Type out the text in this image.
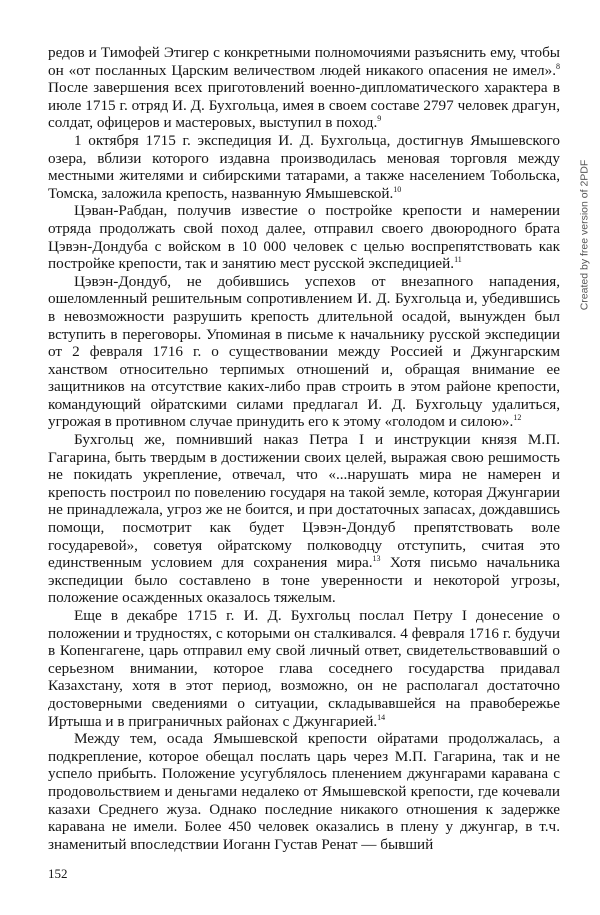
редов и Тимофей Этигер с конкретными полномочиями разъяснить ему, чтобы он «от посланных Царским величеством людей никакого опасения не имел».$^8$ После завершения всех приготовлений военно-дипломатического характера в июле 1715 г. отряд И. Д. Бухгольца, имея в своем составе 2797 человек драгун, солдат, офицеров и мастеровых, выступил в поход.$^9$

1 октября 1715 г. экспедиция И. Д. Бухгольца, достигнув Ямышевского озера, вблизи которого издавна производилась меновая торговля между местными жителями и сибирскими татарами, а также населением Тобольска, Томска, заложила крепость, названную Ямышевской.$^{10}$

Цэван-Рабдан, получив известие о постройке крепости и намерении отряда продолжать свой поход далее, отправил своего двоюродного брата Цэвэн-Дондуба с войском в 10 000 человек с целью воспрепятствовать как постройке крепости, так и занятию мест русской экспедицией.$^{11}$

Цэвэн-Дондуб, не добившись успехов от внезапного нападения, ошеломленный решительным сопротивлением И. Д. Бухгольца и, убедившись в невозможности разрушить крепость длительной осадой, вынужден был вступить в переговоры. Упоминая в письме к начальнику русской экспедиции от 2 февраля 1716 г. о существовании между Россией и Джунгарским ханством относительно терпимых отношений и, обращая внимание ее защитников на отсутствие каких-либо прав строить в этом районе крепости, командующий ойратскими силами предлагал И. Д. Бухгольцу удалиться, угрожая в противном случае принудить его к этому «голодом и силою».$^{12}$

Бухгольц же, помнивший наказ Петра I и инструкции князя М.П. Гагарина, быть твердым в достижении своих целей, выражая свою решимость не покидать укрепление, отвечал, что «...нарушать мира не намерен и крепость построил по повелению государя на такой земле, которая Джунгарии не принадлежала, угроз же не боится, и при достаточных запасах, дождавшись помощи, посмотрит как будет Цэвэн-Дондуб препятствовать воле государевой», советуя ойратскому полководцу отступить, считая это единственным условием для сохранения мира.$^{13}$ Хотя письмо начальника экспедиции было составлено в тоне уверенности и некоторой угрозы, положение осажденных оказалось тяжелым.

Еще в декабре 1715 г. И. Д. Бухгольц послал Петру I донесение о положении и трудностях, с которыми он сталкивался. 4 февраля 1716 г. будучи в Копенгагене, царь отправил ему свой личный ответ, свидетельствовавший о серьезном внимании, которое глава соседнего государства придавал Казахстану, хотя в этот период, возможно, он не располагал достаточно достоверными сведениями о ситуации, складывавшейся на правобережье Иртыша и в приграничных районах с Джунгарией.$^{14}$

Между тем, осада Ямышевской крепости ойратами продолжалась, а подкрепление, которое обещал послать царь через М.П. Гагарина, так и не успело прибыть. Положение усугублялось пленением джунгарами каравана с продовольствием и деньгами недалеко от Ямышевской крепости, где кочевали казахи Среднего жуза. Однако последние никакого отношения к задержке каравана не имели. Более 450 человек оказались в плену у джунгар, в т.ч. знаменитый впоследствии Иоганн Густав Ренат — бывший

152
Created by free version of 2PDF
